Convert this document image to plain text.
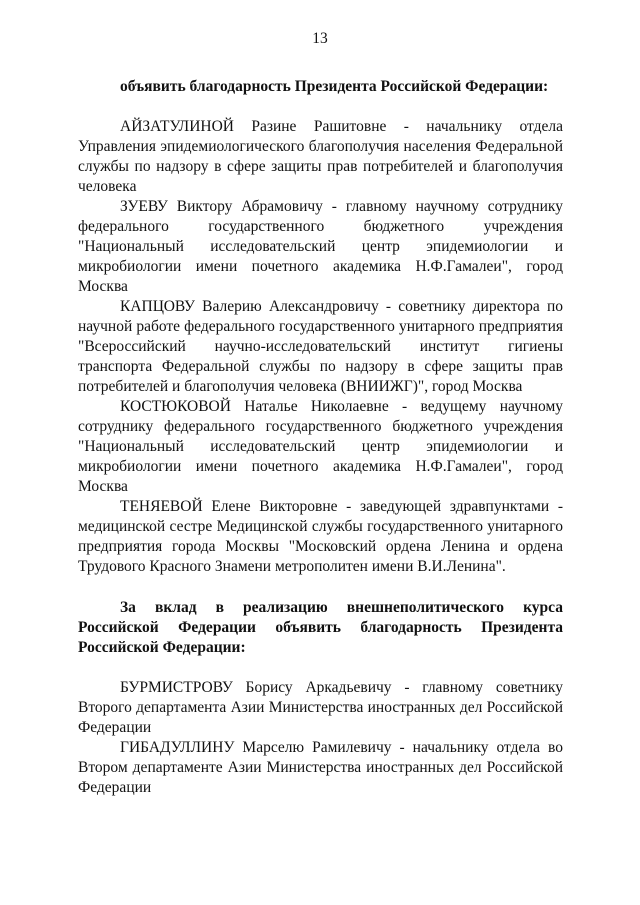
13

объявить благодарность Президента Российской Федерации:

АЙЗАТУЛИНОЙ Разине Рашитовне - начальнику отдела Управления эпидемиологического благополучия населения Федеральной службы по надзору в сфере защиты прав потребителей и благополучия человека

ЗУЕВУ Виктору Абрамовичу - главному научному сотруднику федерального государственного бюджетного учреждения "Национальный исследовательский центр эпидемиологии и микробиологии имени почетного академика Н.Ф.Гамалеи", город Москва

КАПЦОВУ Валерию Александровичу - советнику директора по научной работе федерального государственного унитарного предприятия "Всероссийский научно-исследовательский институт гигиены транспорта Федеральной службы по надзору в сфере защиты прав потребителей и благополучия человека (ВНИИЖГ)", город Москва

КОСТЮКОВОЙ Наталье Николаевне - ведущему научному сотруднику федерального государственного бюджетного учреждения "Национальный исследовательский центр эпидемиологии и микробиологии имени почетного академика Н.Ф.Гамалеи", город Москва

ТЕНЯЕВОЙ Елене Викторовне - заведующей здравпунктами - медицинской сестре Медицинской службы государственного унитарного предприятия города Москвы "Московский ордена Ленина и ордена Трудового Красного Знамени метрополитен имени В.И.Ленина".

За вклад в реализацию внешнеполитического курса Российской Федерации объявить благодарность Президента Российской Федерации:

БУРМИСТРОВУ Борису Аркадьевичу - главному советнику Второго департамента Азии Министерства иностранных дел Российской Федерации

ГИБАДУЛЛИНУ Марселю Рамилевичу - начальнику отдела во Втором департаменте Азии Министерства иностранных дел Российской Федерации
